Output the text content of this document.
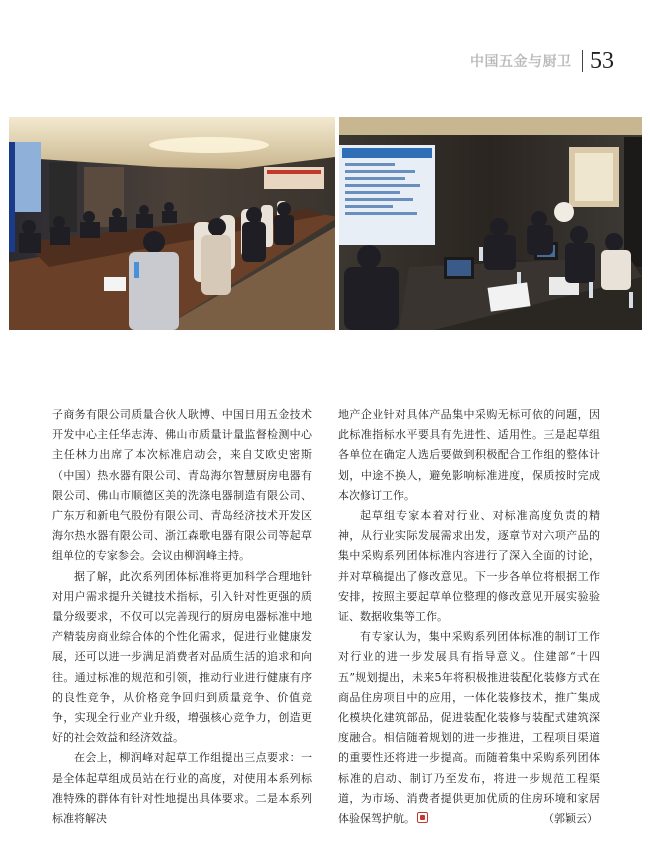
中国五金与厨卫 53

子商务有限公司质量合伙人耿博、中国日用五金技术开发中心主任华志涛、佛山市质量计量监督检测中心主任林力出席了本次标准启动会，来自艾欧史密斯（中国）热水器有限公司、青岛海尔智慧厨房电器有限公司、佛山市顺德区美的洗涤电器制造有限公司、广东万和新电气股份有限公司、青岛经济技术开发区海尔热水器有限公司、浙江森歌电器有限公司等起草组单位的专家参会。会议由柳润峰主持。

据了解，此次系列团体标准将更加科学合理地针对用户需求提升关键技术指标，引入针对性更强的质量分级要求，不仅可以完善现行的厨房电器标准中地产精装房商业综合体的个性化需求，促进行业健康发展，还可以进一步满足消费者对品质生活的追求和向往。通过标准的规范和引领，推动行业进行健康有序的良性竞争，从价格竞争回归到质量竞争、价值竞争，实现全行业产业升级，增强核心竞争力，创造更好的社会效益和经济效益。

在会上，柳润峰对起草工作组提出三点要求：一是全体起草组成员站在行业的高度，对使用本系列标准特殊的群体有针对性地提出具体要求。二是本系列标准将解决

地产企业针对具体产品集中采购无标可依的问题，因此标准指标水平要具有先进性、适用性。三是起草组各单位在确定人选后要做到积极配合工作组的整体计划，中途不换人，避免影响标准进度，保质按时完成本次修订工作。

起草组专家本着对行业、对标准高度负责的精神，从行业实际发展需求出发，逐章节对六项产品的集中采购系列团体标准内容进行了深入全面的讨论，并对草稿提出了修改意见。下一步各单位将根据工作安排，按照主要起草单位整理的修改意见开展实验验证、数据收集等工作。

有专家认为，集中采购系列团体标准的制订工作对行业的进一步发展具有指导意义。住建部“十四五”规划提出，未来5年将积极推进装配化装修方式在商品住房项目中的应用，一体化装修技术，推广集成化模块化建筑部品，促进装配化装修与装配式建筑深度融合。相信随着规划的进一步推进，工程项目渠道的重要性还将进一步提高。而随着集中采购系列团体标准的启动、制订乃至发布，将进一步规范工程渠道，为市场、消费者提供更加优质的住房环境和家居体验保驾护航。	（郭颖云）
